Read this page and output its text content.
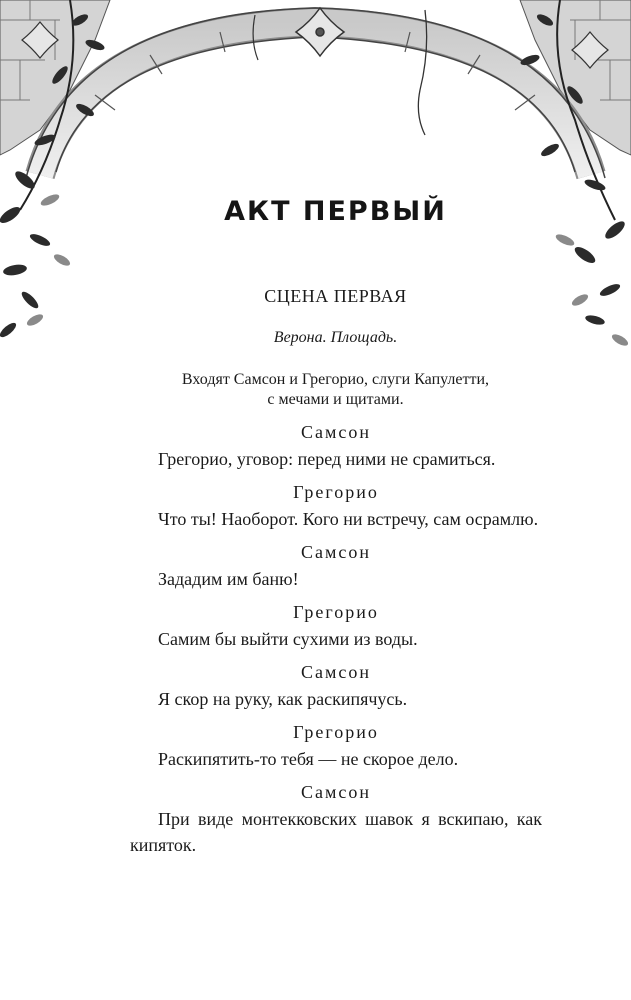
АКТ ПЕРВЫЙ
СЦЕНА ПЕРВАЯ
Верона. Площадь.
Входят Самсон и Грегорио, слуги Капулетти,
с мечами и щитами.
Самсон
Грегорио, уговор: перед ними не срамиться.
Грегорио
Что ты! Наоборот. Кого ни встречу, сам осрамлю.
Самсон
Зададим им баню!
Грегорио
Самим бы выйти сухими из воды.
Самсон
Я скор на руку, как раскипячусь.
Грегорио
Раскипятить-то тебя — не скорое дело.
Самсон
При виде монтекковских шавок я вскипаю, как кипяток.
